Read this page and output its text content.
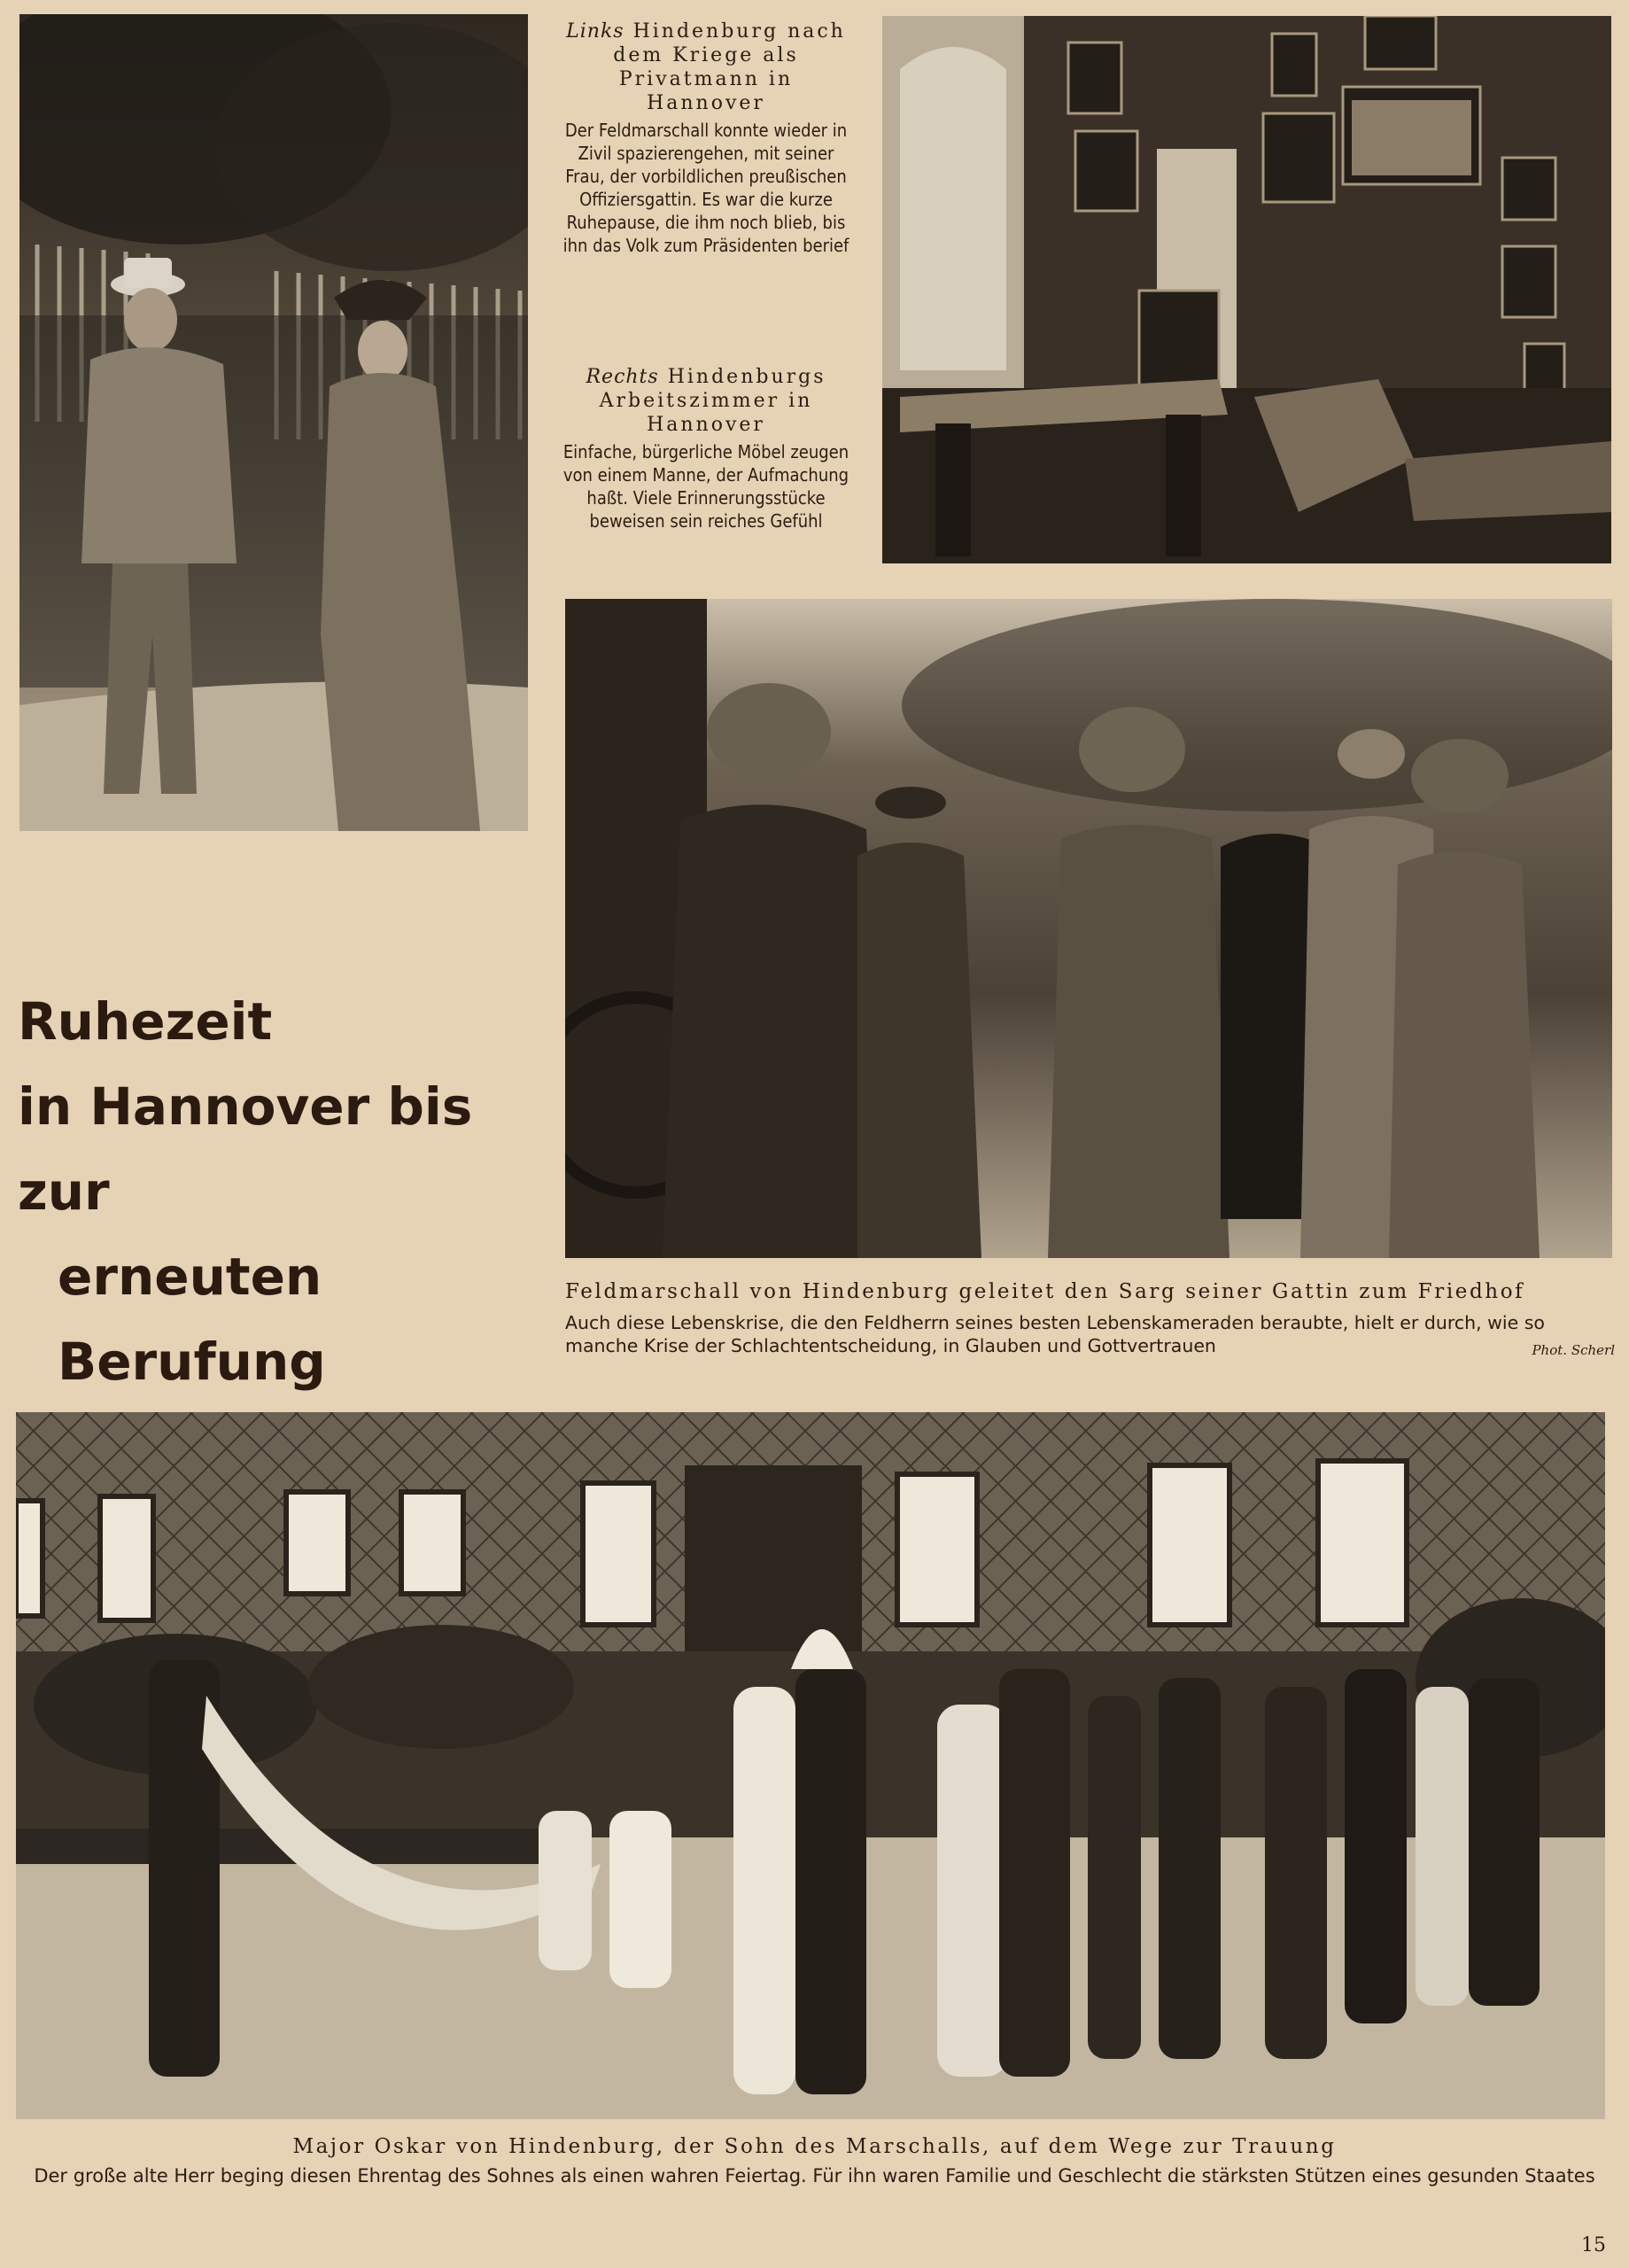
Links Hindenburg nach dem Kriege als Privatmann in Hannover

Der Feldmarschall konnte wieder in Zivil spazierengehen, mit seiner Frau, der vorbildlichen preußischen Offiziersgattin. Es war die kurze Ruhepause, die ihm noch blieb, bis ihn das Volk zum Präsidenten berief

Rechts Hindenburgs Arbeitszimmer in Hannover

Einfache, bürgerliche Möbel zeugen von einem Manne, der Aufmachung haßt. Viele Erinnerungsstücke beweisen sein reiches Gefühl

Ruhezeit
in Hannover bis zur
erneuten Berufung

Feldmarschall von Hindenburg geleitet den Sarg seiner Gattin zum Friedhof

Auch diese Lebenskrise, die den Feldherrn seines besten Lebenskameraden beraubte, hielt er durch, wie so manche Krise der Schlachtentscheidung, in Glauben und Gottvertrauen	Phot. Scherl

Major Oskar von Hindenburg, der Sohn des Marschalls, auf dem Wege zur Trauung

Der große alte Herr beging diesen Ehrentag des Sohnes als einen wahren Feiertag. Für ihn waren Familie und Geschlecht die stärksten Stützen eines gesunden Staates

15
